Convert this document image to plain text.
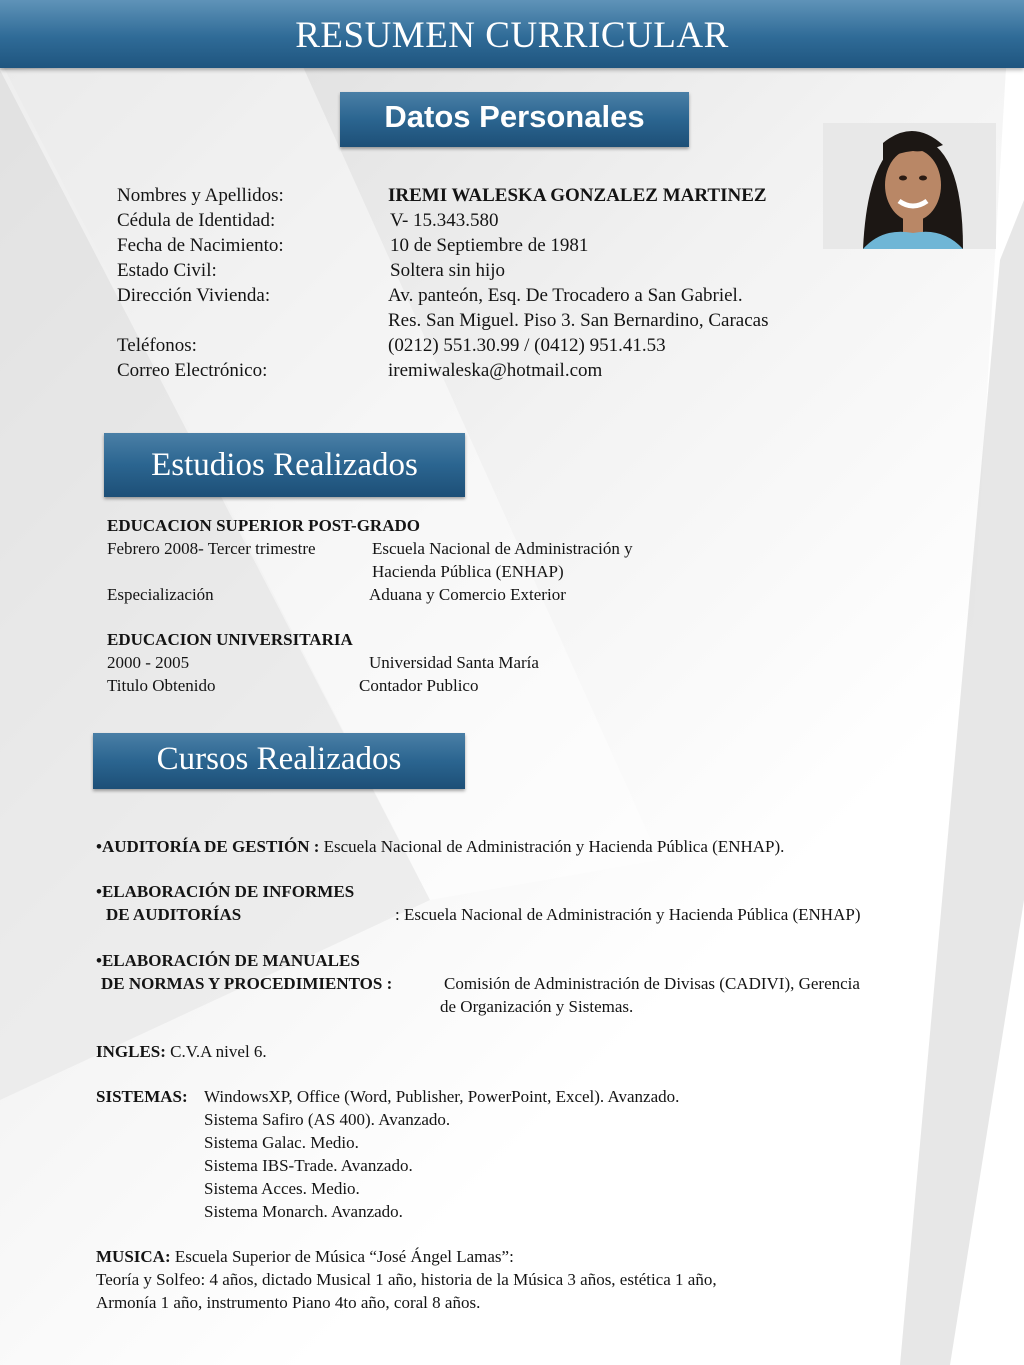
RESUMEN CURRICULAR
Datos Personales
Nombres y Apellidos:	IREMI WALESKA GONZALEZ MARTINEZ
Cédula de Identidad:	V- 15.343.580
Fecha de Nacimiento:	10 de Septiembre de 1981
Estado Civil:	Soltera sin hijo
Dirección Vivienda:	Av. panteón, Esq. De Trocadero a San Gabriel.
Res. San Miguel. Piso 3. San Bernardino, Caracas
Teléfonos:	(0212) 551.30.99 / (0412) 951.41.53
Correo Electrónico:	iremiwaleska@hotmail.com
Estudios Realizados
EDUCACION SUPERIOR POST-GRADO
Febrero 2008- Tercer trimestre	Escuela Nacional de Administración y
Hacienda Pública (ENHAP)
Especialización	Aduana y Comercio Exterior
EDUCACION UNIVERSITARIA
2000 - 2005	Universidad Santa María
Titulo Obtenido	Contador Publico
Cursos Realizados
•AUDITORÍA DE GESTIÓN : Escuela Nacional de Administración y Hacienda Pública (ENHAP).
•ELABORACIÓN DE INFORMES
DE AUDITORÍAS	: Escuela Nacional de Administración y Hacienda Pública (ENHAP)
•ELABORACIÓN DE MANUALES
DE NORMAS Y PROCEDIMIENTOS :	Comisión de Administración de Divisas (CADIVI), Gerencia
de Organización y Sistemas.
INGLES: C.V.A nivel 6.
SISTEMAS: WindowsXP, Office (Word, Publisher, PowerPoint, Excel). Avanzado.
Sistema Safiro (AS 400). Avanzado.
Sistema Galac. Medio.
Sistema IBS-Trade. Avanzado.
Sistema Acces. Medio.
Sistema Monarch. Avanzado.
MUSICA: Escuela Superior de Música “José Ángel Lamas”:
Teoría y Solfeo: 4 años, dictado Musical 1 año, historia de la Música 3 años, estética 1 año,
Armonía 1 año, instrumento Piano 4to año, coral 8 años.
